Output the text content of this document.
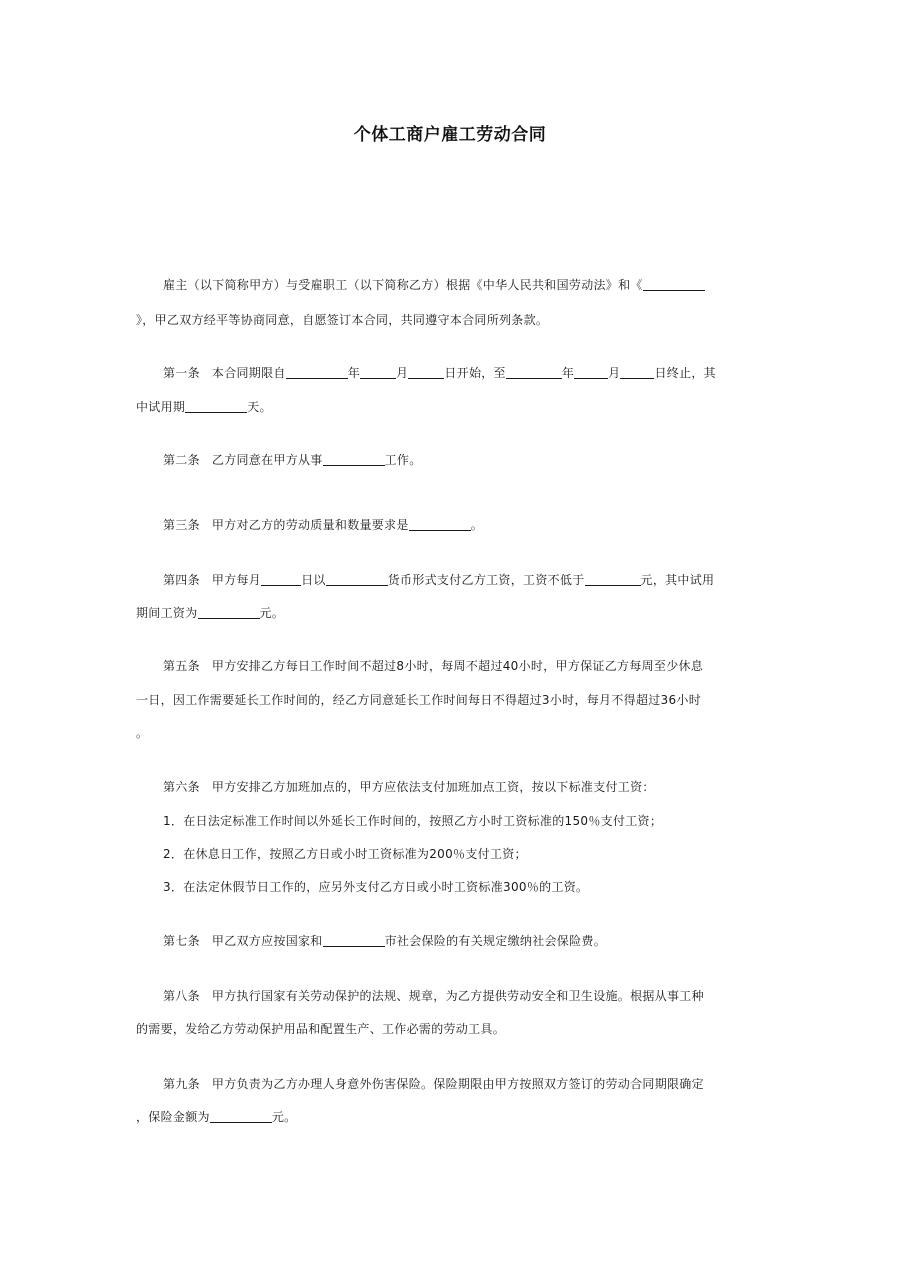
个体工商户雇工劳动合同
雇主（以下简称甲方）与受雇职工（以下简称乙方）根据《中华人民共和国劳动法》和《
》，甲乙双方经平等协商同意，自愿签订本合同，共同遵守本合同所列条款。
第一条 本合同期限自	年	月	日开始，至	年	月	日终止，其
中试用期	天。
第二条 乙方同意在甲方从事	工作。
第三条 甲方对乙方的劳动质量和数量要求是	。
第四条 甲方每月	日以	货币形式支付乙方工资，工资不低于	元，其中试用
期间工资为	元。
第五条 甲方安排乙方每日工作时间不超过8小时，每周不超过40小时，甲方保证乙方每周至少休息
一日，因工作需要延长工作时间的，经乙方同意延长工作时间每日不得超过3小时，每月不得超过36小时
。
第六条 甲方安排乙方加班加点的，甲方应依法支付加班加点工资，按以下标准支付工资：
1．在日法定标准工作时间以外延长工作时间的，按照乙方小时工资标准的150％支付工资；
2．在休息日工作，按照乙方日或小时工资标准为200％支付工资；
3．在法定休假节日工作的，应另外支付乙方日或小时工资标准300％的工资。
第七条 甲乙双方应按国家和	市社会保险的有关规定缴纳社会保险费。
第八条 甲方执行国家有关劳动保护的法规、规章，为乙方提供劳动安全和卫生设施。根据从事工种
的需要，发给乙方劳动保护用品和配置生产、工作必需的劳动工具。
第九条 甲方负责为乙方办理人身意外伤害保险。保险期限由甲方按照双方签订的劳动合同期限确定
，保险金额为	元。
